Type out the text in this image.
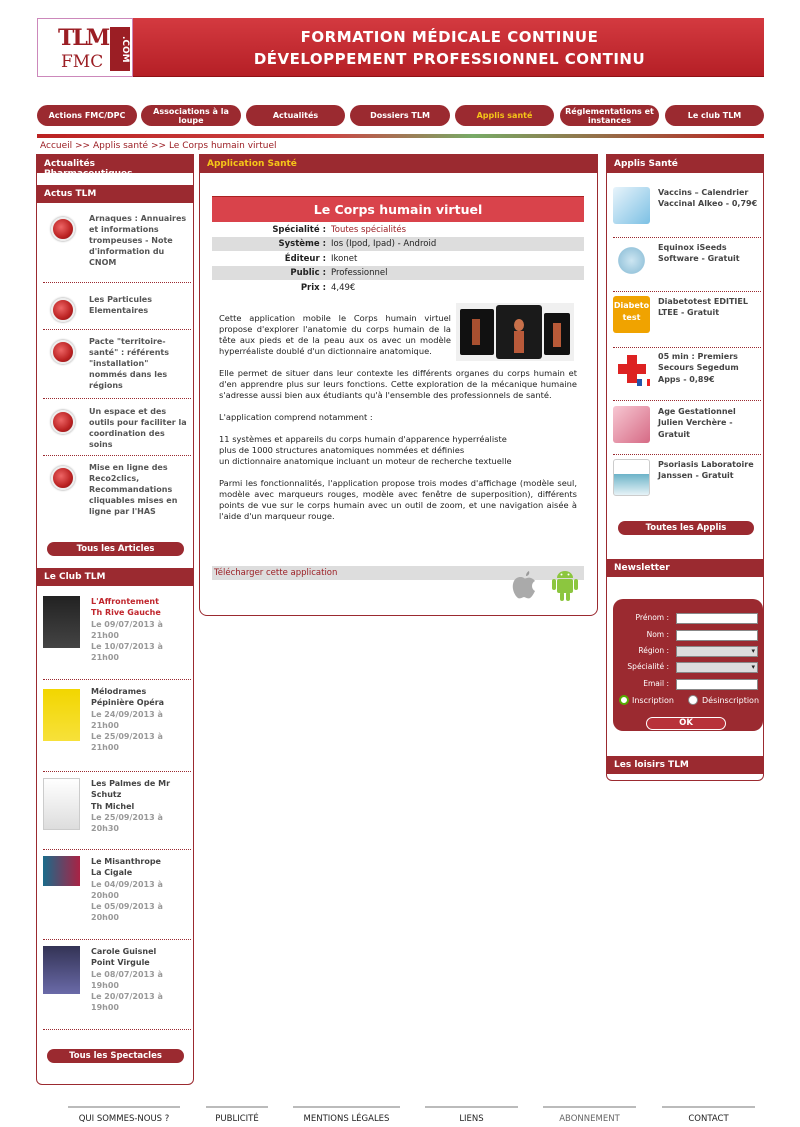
TLM
FMC	.COM	FORMATION MÉDICALE CONTINUE
DÉVELOPPEMENT PROFESSIONNEL CONTINU
Actions FMC/DPC	Associations à la loupe	Actualités	Dossiers TLM	Applis santé	Réglementations et instances	Le club TLM
Accueil >> Applis santé >> Le Corps humain virtuel
Actualités Pharmaceutiques
Actus TLM
Arnaques : Annuaires et informations trompeuses - Note d'information du CNOM
Les Particules Elementaires
Pacte "territoire-santé" : référents "installation" nommés dans les régions
Un espace et des outils pour faciliter la coordination des soins
Mise en ligne des Reco2clics, Recommandations cliquables mises en ligne par l'HAS
Tous les Articles
Le Club TLM
L'Affrontement
Th Rive Gauche
Le 09/07/2013 à 21h00
Le 10/07/2013 à 21h00
Mélodrames
Pépinière Opéra
Le 24/09/2013 à 21h00
Le 25/09/2013 à 21h00
Les Palmes de Mr Schutz
Th Michel
Le 25/09/2013 à 20h30
Le Misanthrope
La Cigale
Le 04/09/2013 à 20h00
Le 05/09/2013 à 20h00
Carole Guisnel
Point Virgule
Le 08/07/2013 à 19h00
Le 20/07/2013 à 19h00
Tous les Spectacles
Application Santé
Le Corps humain virtuel
Spécialité : Toutes spécialités
Système : Ios (Ipod, Ipad) - Android
Éditeur : Ikonet
Public : Professionnel
Prix : 4,49€

Cette application mobile le Corps humain virtuel propose d'explorer l'anatomie du corps humain de la tête aux pieds et de la peau aux os avec un modèle hyperréaliste doublé d'un dictionnaire anatomique.

Elle permet de situer dans leur contexte les différents organes du corps humain et d'en apprendre plus sur leurs fonctions. Cette exploration de la mécanique humaine s'adresse aussi bien aux étudiants qu'à l'ensemble des professionnels de santé.

L'application comprend notamment :

11 systèmes et appareils du corps humain d'apparence hyperréaliste
plus de 1000 structures anatomiques nommées et définies
un dictionnaire anatomique incluant un moteur de recherche textuelle

Parmi les fonctionnalités, l'application propose trois modes d'affichage (modèle seul, modèle avec marqueurs rouges, modèle avec fenêtre de superposition), différents points de vue sur le corps humain avec un outil de zoom, et une navigation aisée à l'aide d'un marqueur rouge.

Télécharger cette application
Applis Santé
Vaccins – Calendrier Vaccinal Alkeo - 0,79€
Equinox iSeeds Software - Gratuit
Diabeto test
Diabetotest EDITIEL LTEE - Gratuit
05 min : Premiers Secours Segedum Apps - 0,89€
Age Gestationnel Julien Verchère - Gratuit
Psoriasis Laboratoire Janssen - Gratuit
Toutes les Applis
Newsletter
Prénom :
Nom :
Région :	▾
Spécialité :	▾
Email :
Inscription	Désinscription
OK
Les loisirs TLM
QUI SOMMES-NOUS ?	PUBLICITÉ	MENTIONS LÉGALES	LIENS	ABONNEMENT	CONTACT
